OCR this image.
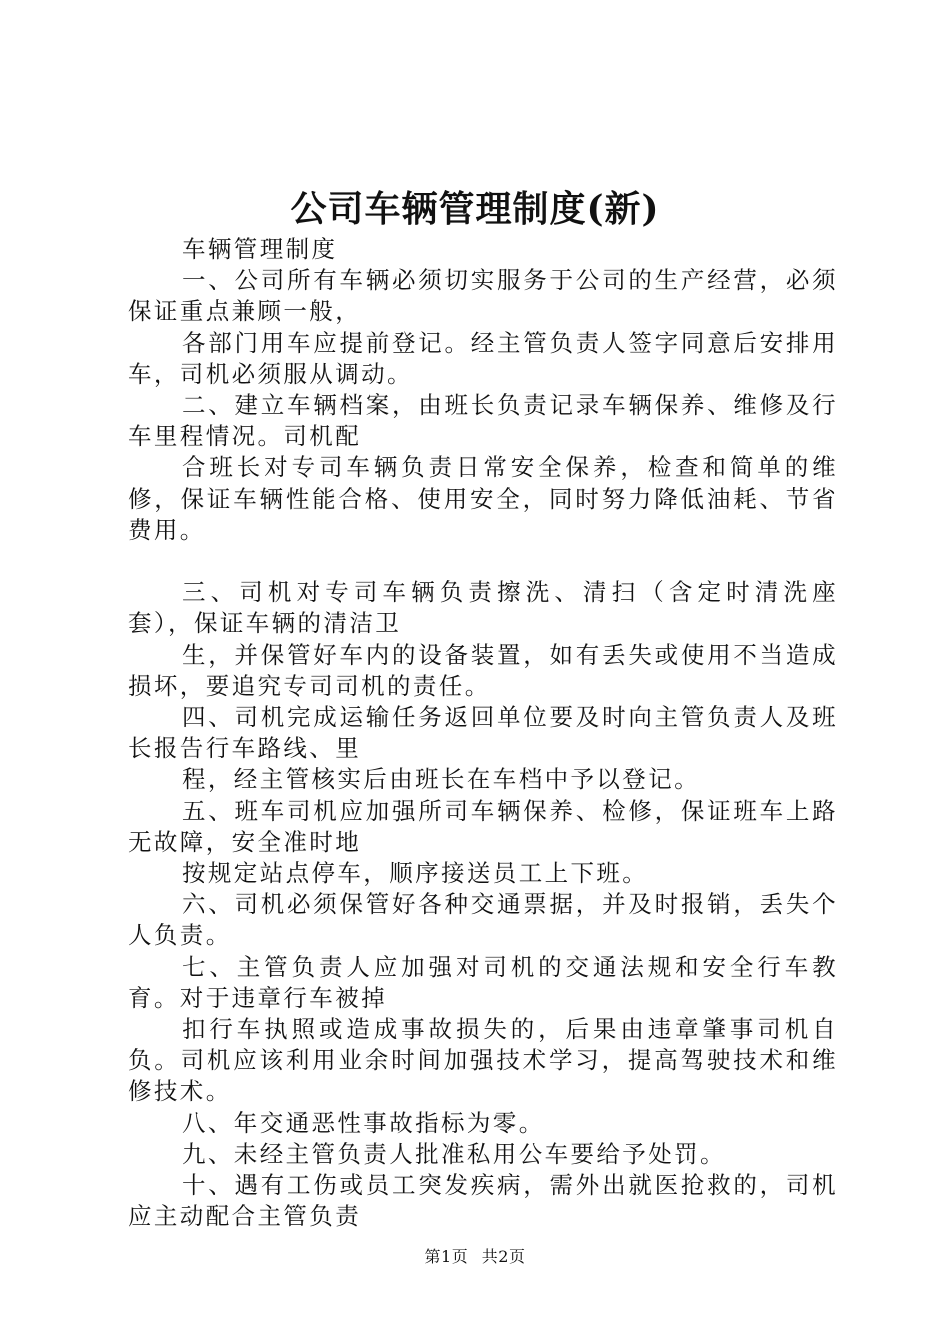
公司车辆管理制度(新)

车辆管理制度

一、公司所有车辆必须切实服务于公司的生产经营，必须保证重点兼顾一般，

各部门用车应提前登记。经主管负责人签字同意后安排用车，司机必须服从调动。

二、建立车辆档案，由班长负责记录车辆保养、维修及行车里程情况。司机配

合班长对专司车辆负责日常安全保养，检查和简单的维修，保证车辆性能合格、使用安全，同时努力降低油耗、节省费用。

三、司机对专司车辆负责擦洗、清扫（含定时清洗座套），保证车辆的清洁卫

生，并保管好车内的设备装置，如有丢失或使用不当造成损坏，要追究专司司机的责任。

四、司机完成运输任务返回单位要及时向主管负责人及班长报告行车路线、里

程，经主管核实后由班长在车档中予以登记。

五、班车司机应加强所司车辆保养、检修，保证班车上路无故障，安全准时地

按规定站点停车，顺序接送员工上下班。

六、司机必须保管好各种交通票据，并及时报销，丢失个人负责。

七、主管负责人应加强对司机的交通法规和安全行车教育。对于违章行车被掉

扣行车执照或造成事故损失的，后果由违章肇事司机自负。司机应该利用业余时间加强技术学习，提高驾驶技术和维修技术。

八、年交通恶性事故指标为零。

九、未经主管负责人批准私用公车要给予处罚。

十、遇有工伤或员工突发疾病，需外出就医抢救的，司机应主动配合主管负责

第1页 共2页
